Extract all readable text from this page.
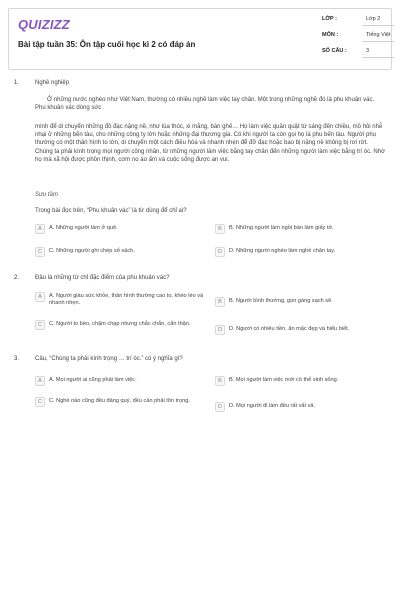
QUIZIZZ
Bài tập tuần 35: Ôn tập cuối học kì 2 có đáp án
LỚP :	Lớp 2
MÔN :	Tiếng Việt
SỐ CÂU :	3
1.	Nghề nghiệp
Ở những nước nghèo như Việt Nam, thường có nhiều nghề làm việc tay chân. Một trong những nghề đó là phu khuân vác. Phu khuân vác dùng sức
mình để di chuyển những đồ đạc nặng nề, như lúa thóc, xi măng, bàn ghế… Họ làm việc quần quật từ sáng đến chiều, mồ hôi nhễ nhại ở những bến tàu, cho những công ty lớn hoặc những đại thương gia. Có khi người ta còn gọi họ là phu bến tàu. Người phụ thường có một thân hình to lớn, di chuyển một cách điêu hòa và nhanh nhẹn để đỡ đạc hoặc bao bị nặng nề không bị rơi rớt. Chúng ta phải kính trọng mọi người công nhân, từ những người làm việc bằng tay chân đến những người làm việc bằng trí óc. Nhờ họ mà xã hội được phồn thịnh, cơm no áo ấm và cuộc sống được an vui.
Sưu tầm
Trong bài đọc trên, “Phu khuân vác” là từ dùng để chỉ ai?
A	A. Những người làm ở quê.	B	B. Những người làm ngồi bàn làm giấy tờ.
C	C. Những người ghi chép số sách.	D	D. Những người nghèo làm nghề chân tay.
2.	Đâu là những từ chỉ đặc điểm của phu khuân vác?
A	A. Người giàu sức khỏe, thân hình thường cao to, khéo léo và nhanh nhẹn.	B	B. Người bình thường, gọn gàng sạch sẽ.
C	C. Người to béo, chậm chạp nhưng chắc chắn, cẩn thận.
D	D. Người có nhiều tiền, ăn mặc đẹp và hiểu biết.
3.	Câu, “Chúng ta phải kính trọng … trí óc.” có ý nghĩa gì?
A	A. Mọi người ai cũng phải làm việc.	B	B. Mọi người làm việc mới có thể sinh sống.
C	C. Nghề nào cũng đều đáng quý, đều cần phải tôn trọng.
D	D. Mọi người đi làm đều rất vất vả.
